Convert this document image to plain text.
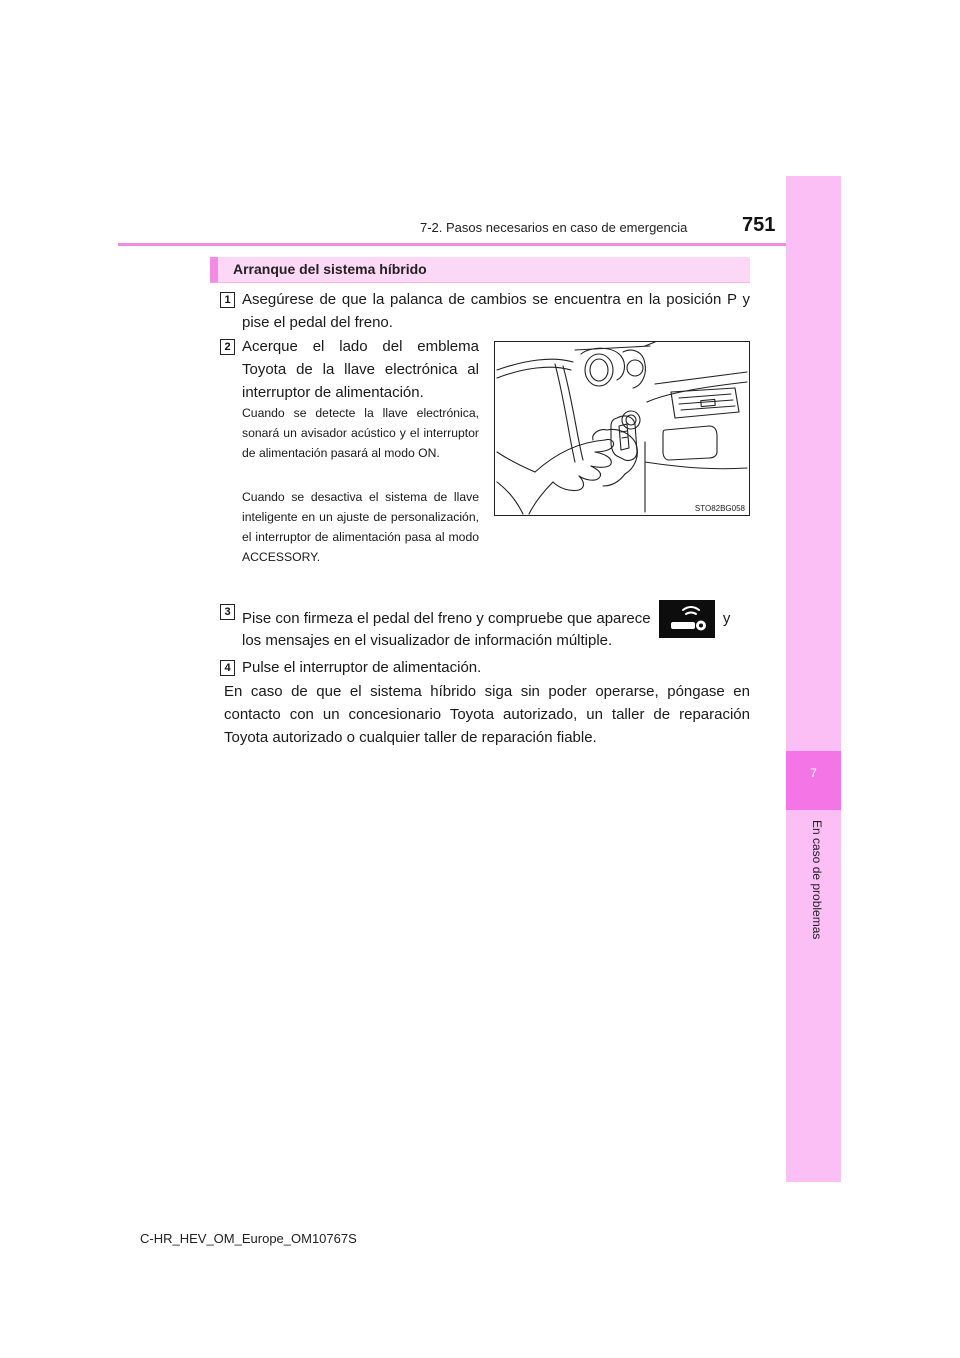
7-2. Pasos necesarios en caso de emergencia	751
7
En caso de problemas
Arranque del sistema híbrido
1 Asegúrese de que la palanca de cambios se encuentra en la posición P y pise el pedal del freno.
2 Acerque el lado del emblema Toyota de la llave electrónica al interruptor de alimentación.
Cuando se detecte la llave electrónica, sonará un avisador acústico y el interruptor de alimentación pasará al modo ON.
Cuando se desactiva el sistema de llave inteligente en un ajuste de personalización, el interruptor de alimentación pasa al modo ACCESSORY.
STO82BG058
3 Pise con firmeza el pedal del freno y compruebe que aparece	y
los mensajes en el visualizador de información múltiple.
4 Pulse el interruptor de alimentación.
En caso de que el sistema híbrido siga sin poder operarse, póngase en contacto con un concesionario Toyota autorizado, un taller de reparación Toyota autorizado o cualquier taller de reparación fiable.
C-HR_HEV_OM_Europe_OM10767S
